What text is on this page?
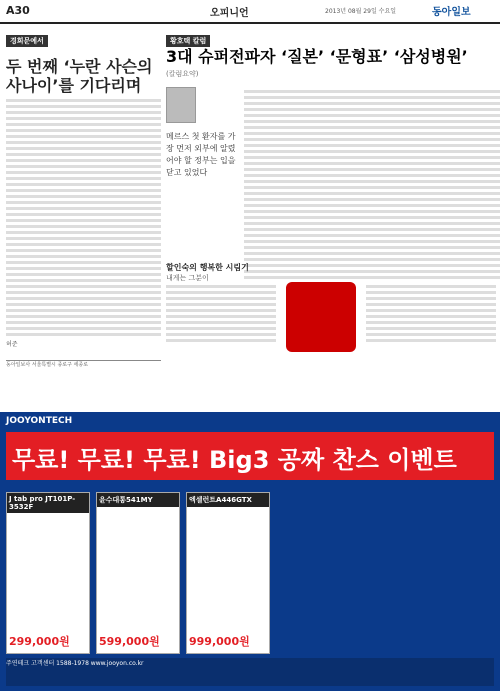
A30	오피니언	2013년 08월 29일 수요일	동아일보
경희문예서
두 번째 ‘누란 사슨의 사나이’를 기다리며
허준
동아일보사 서울특별시 종로구 세종로
황호택 칼럼
3대 슈퍼전파자 ‘질본’ ‘문형표’ ‘삼성병원’
(칼럼요약)
메르스 첫 환자를 가장 먼저 외부에 알렸어야 할 정부는 입을 닫고 있었다
할인숙의 행복한 시림기
내게는 그분이
JOOYONTECH
무료! 무료! 무료! Big3 공짜 찬스 이벤트
J tab pro JT101P-3532F
299,000원
윤수대통541MY
599,000원
엑셀런트A446GTX
999,000원
주연테크 고객센터 1588-1978 www.jooyon.co.kr
